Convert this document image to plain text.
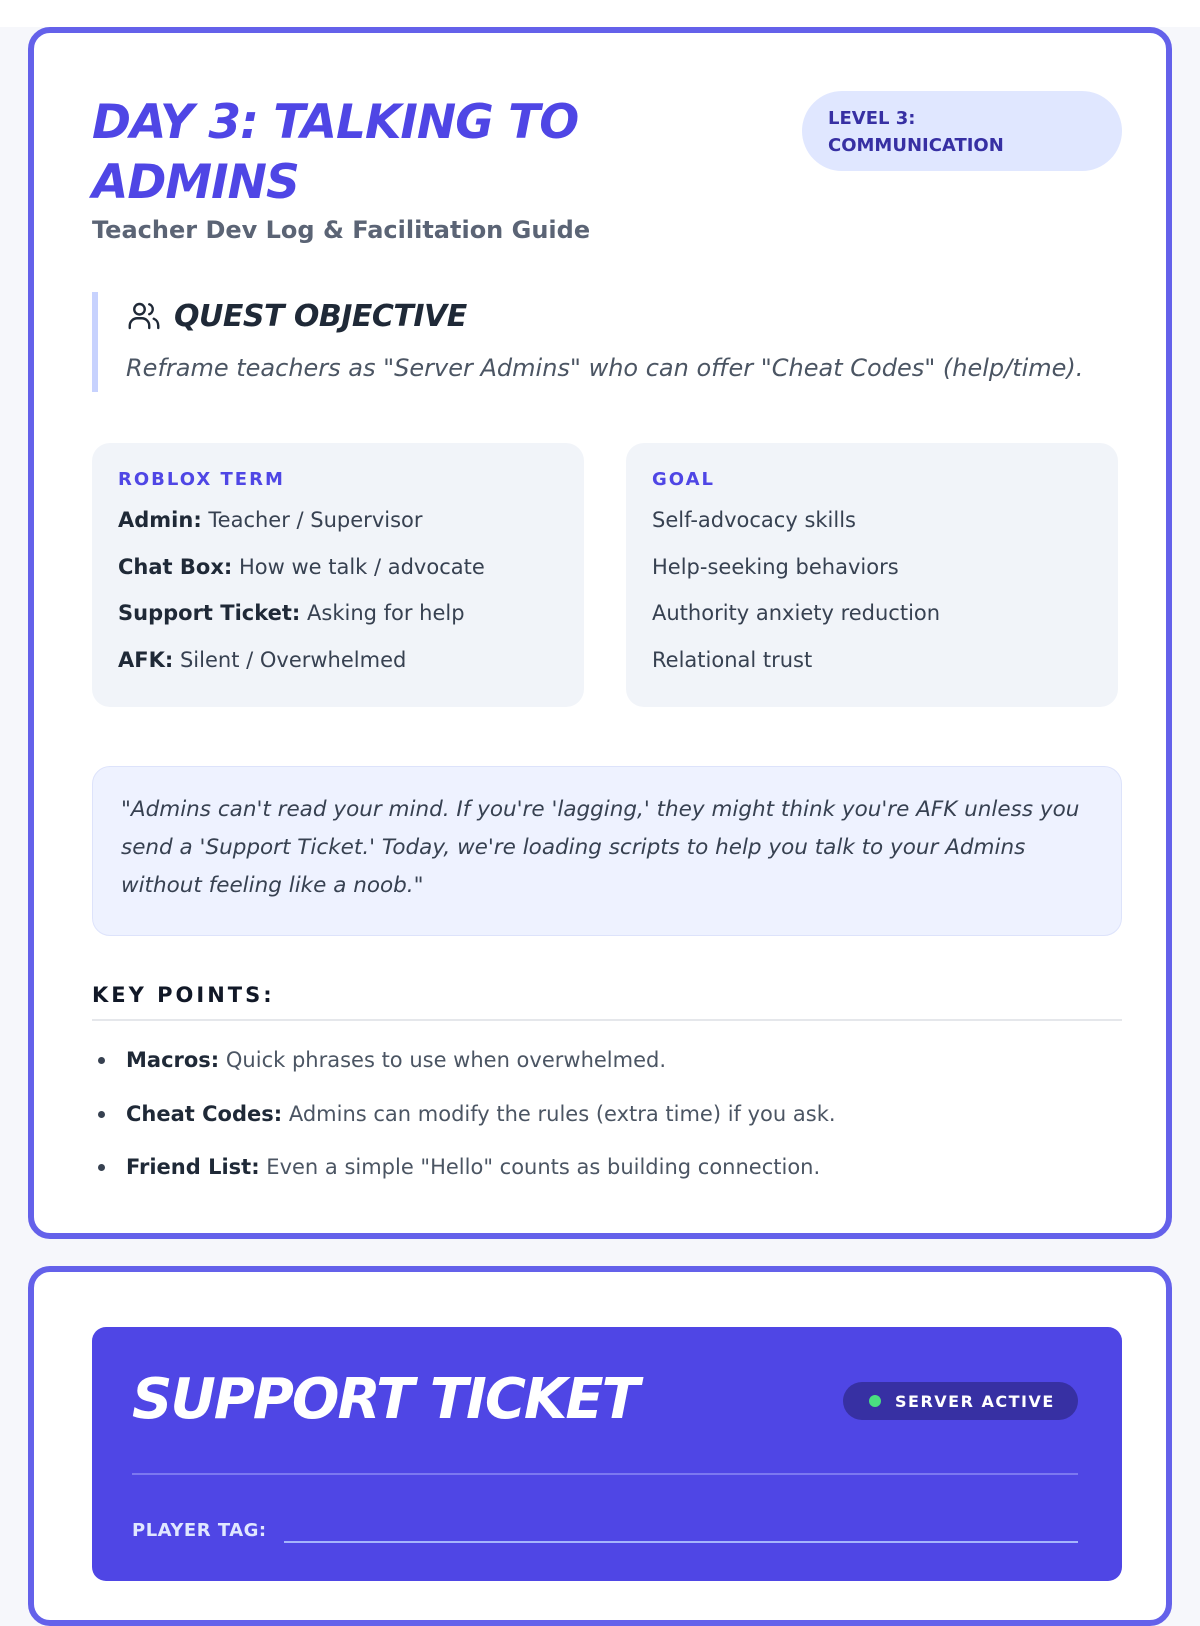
DAY 3: TALKING TO ADMINS
Teacher Dev Log & Facilitation Guide
LEVEL 3: COMMUNICATION
QUEST OBJECTIVE

Reframe teachers as "Server Admins" who can offer "Cheat Codes" (help/time).

ROBLOX TERM
Admin: Teacher / Supervisor
Chat Box: How we talk / advocate
Support Ticket: Asking for help
AFK: Silent / Overwhelmed
GOAL
Self-advocacy skills
Help-seeking behaviors
Authority anxiety reduction
Relational trust
"Admins can't read your mind. If you're 'lagging,' they might think you're AFK unless you send a 'Support Ticket.' Today, we're loading scripts to help you talk to your Admins without feeling like a noob."
KEY POINTS:
Macros: Quick phrases to use when overwhelmed.
Cheat Codes: Admins can modify the rules (extra time) if you ask.
Friend List: Even a simple "Hello" counts as building connection.
SUPPORT TICKET	SERVER ACTIVE
PLAYER TAG:
